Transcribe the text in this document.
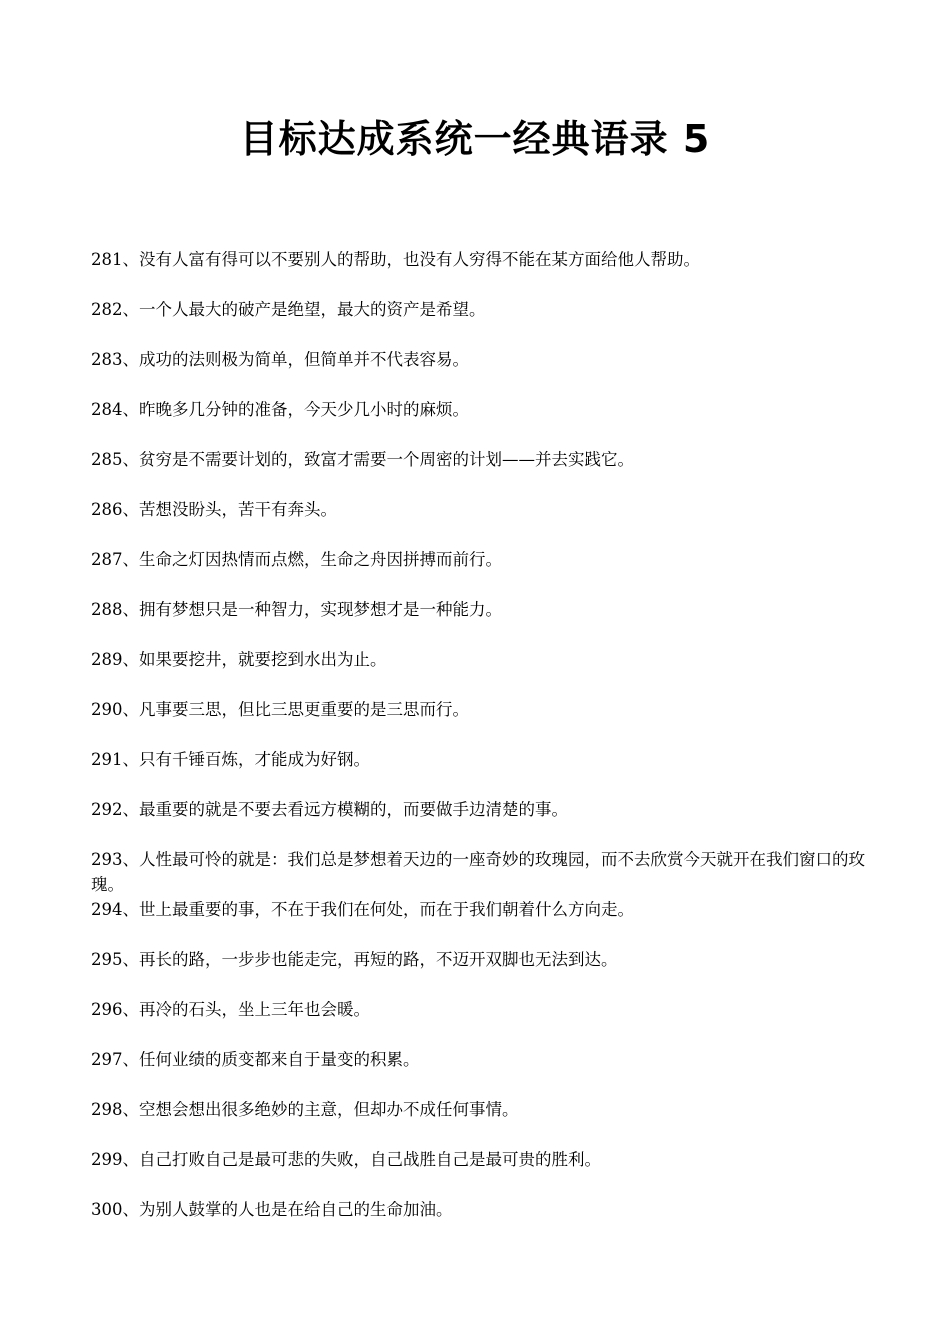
目标达成系统一经典语录 5
281、没有人富有得可以不要别人的帮助，也没有人穷得不能在某方面给他人帮助。
282、一个人最大的破产是绝望，最大的资产是希望。
283、成功的法则极为简单，但简单并不代表容易。
284、昨晚多几分钟的准备，今天少几小时的麻烦。
285、贫穷是不需要计划的，致富才需要一个周密的计划——并去实践它。
286、苦想没盼头，苦干有奔头。
287、生命之灯因热情而点燃，生命之舟因拼搏而前行。
288、拥有梦想只是一种智力，实现梦想才是一种能力。
289、如果要挖井，就要挖到水出为止。
290、凡事要三思，但比三思更重要的是三思而行。
291、只有千锤百炼，才能成为好钢。
292、最重要的就是不要去看远方模糊的，而要做手边清楚的事。
293、人性最可怜的就是：我们总是梦想着天边的一座奇妙的玫瑰园，而不去欣赏今天就开在我们窗口的玫瑰。
294、世上最重要的事，不在于我们在何处，而在于我们朝着什么方向走。
295、再长的路，一步步也能走完，再短的路，不迈开双脚也无法到达。
296、再冷的石头，坐上三年也会暖。
297、任何业绩的质变都来自于量变的积累。
298、空想会想出很多绝妙的主意，但却办不成任何事情。
299、自己打败自己是最可悲的失败，自己战胜自己是最可贵的胜利。
300、为别人鼓掌的人也是在给自己的生命加油。
